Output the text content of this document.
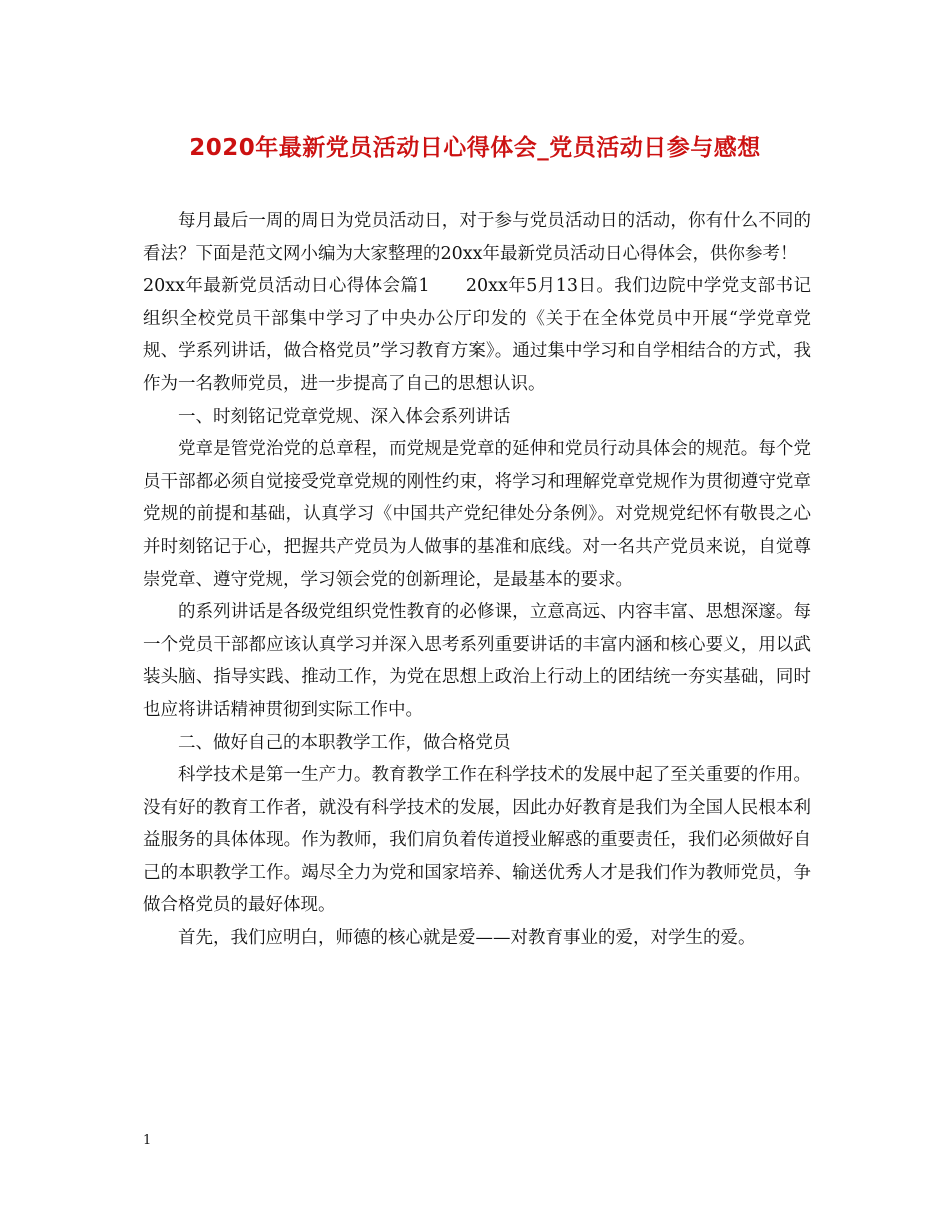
2020年最新党员活动日心得体会_党员活动日参与感想

每月最后一周的周日为党员活动日，对于参与党员活动日的活动，你有什么不同的看法？下面是范文网小编为大家整理的20xx年最新党员活动日心得体会，供你参考！

20xx年最新党员活动日心得体会篇1　　20xx年5月13日。我们边院中学党支部书记组织全校党员干部集中学习了中央办公厅印发的《关于在全体党员中开展“学党章党规、学系列讲话，做合格党员”学习教育方案》。通过集中学习和自学相结合的方式，我作为一名教师党员，进一步提高了自己的思想认识。

一、时刻铭记党章党规、深入体会系列讲话

党章是管党治党的总章程，而党规是党章的延伸和党员行动具体会的规范。每个党员干部都必须自觉接受党章党规的刚性约束，将学习和理解党章党规作为贯彻遵守党章党规的前提和基础，认真学习《中国共产党纪律处分条例》。对党规党纪怀有敬畏之心并时刻铭记于心，把握共产党员为人做事的基准和底线。对一名共产党员来说，自觉尊崇党章、遵守党规，学习领会党的创新理论，是最基本的要求。

的系列讲话是各级党组织党性教育的必修课，立意高远、内容丰富、思想深邃。每一个党员干部都应该认真学习并深入思考系列重要讲话的丰富内涵和核心要义，用以武装头脑、指导实践、推动工作，为党在思想上政治上行动上的团结统一夯实基础，同时也应将讲话精神贯彻到实际工作中。

二、做好自己的本职教学工作，做合格党员

科学技术是第一生产力。教育教学工作在科学技术的发展中起了至关重要的作用。没有好的教育工作者，就没有科学技术的发展，因此办好教育是我们为全国人民根本利益服务的具体体现。作为教师，我们肩负着传道授业解惑的重要责任，我们必须做好自己的本职教学工作。竭尽全力为党和国家培养、输送优秀人才是我们作为教师党员，争做合格党员的最好体现。

首先，我们应明白，师德的核心就是爱——对教育事业的爱，对学生的爱。

1
